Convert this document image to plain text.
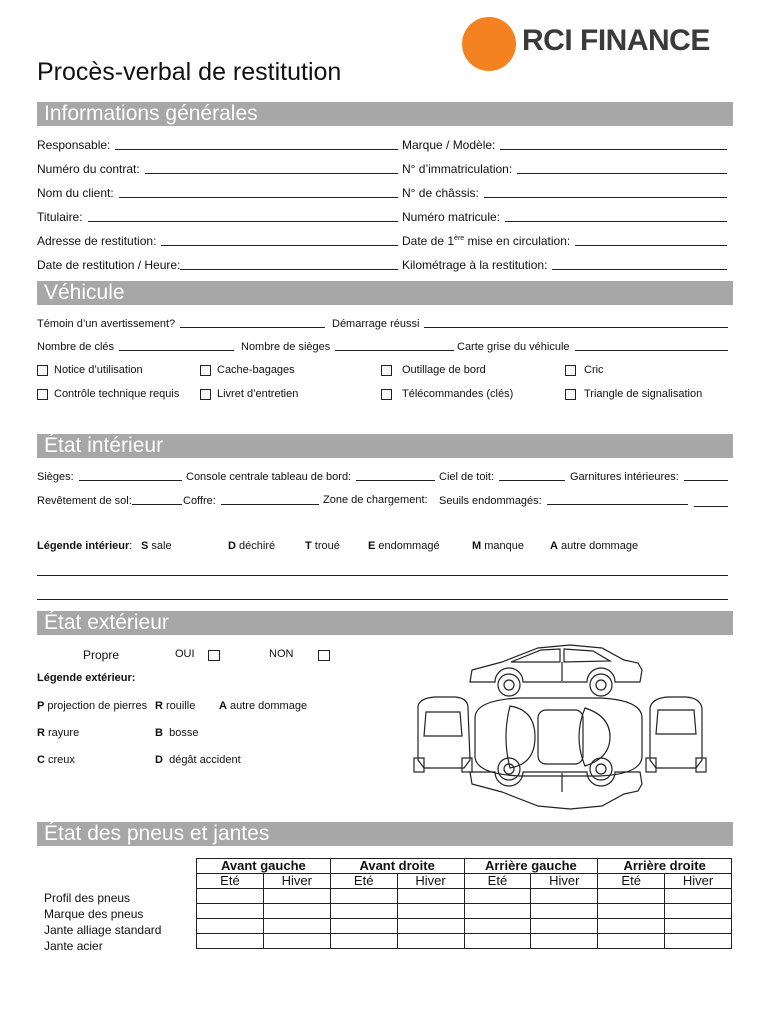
RCI FINANCE
Procès-verbal de restitution
Informations générales
Responsable:	Marque / Modèle:
Numéro du contrat:	N° d’immatriculation:
Nom du client:	N° de châssis:
Titulaire:	Numéro matricule:
Adresse de restitution:	Date de 1ère mise en circulation:
Date de restitution / Heure:	Kilométrage à la restitution:
Véhicule
Témoin d’un avertissement?	Démarrage réussi
Nombre de clés	Nombre de sièges	Carte grise du véhicule
Notice d’utilisation	Cache-bagages	Outillage de bord	Cric
Contrôle technique requis	Livret d’entretien	Télécommandes (clés)	Triangle de signalisation
État intérieur
Sièges:	Console centrale tableau de bord:	Ciel de toit:	Garnitures intérieures:
Revêtement de sol:	Coffre:	Zone de chargement: Seuils endommagés:
Légende intérieur: S sale	D déchiré	T troué	E endommagé	M manque A autre dommage
État extérieur
Propre	OUI	NON
Légende extérieur:
P projection de pierres R rouille A autre dommage
R rayure	B bosse
C creux	D dégât accident
État des pneus et jantes
Avant gauche		Avant droite		Arrière gauche		Arrière droite	
Eté	Hiver	Eté	Hiver	Eté	Hiver	Eté	Hiver

Profil des pneus
Marque des pneus
Jante alliage standard
Jante acier
